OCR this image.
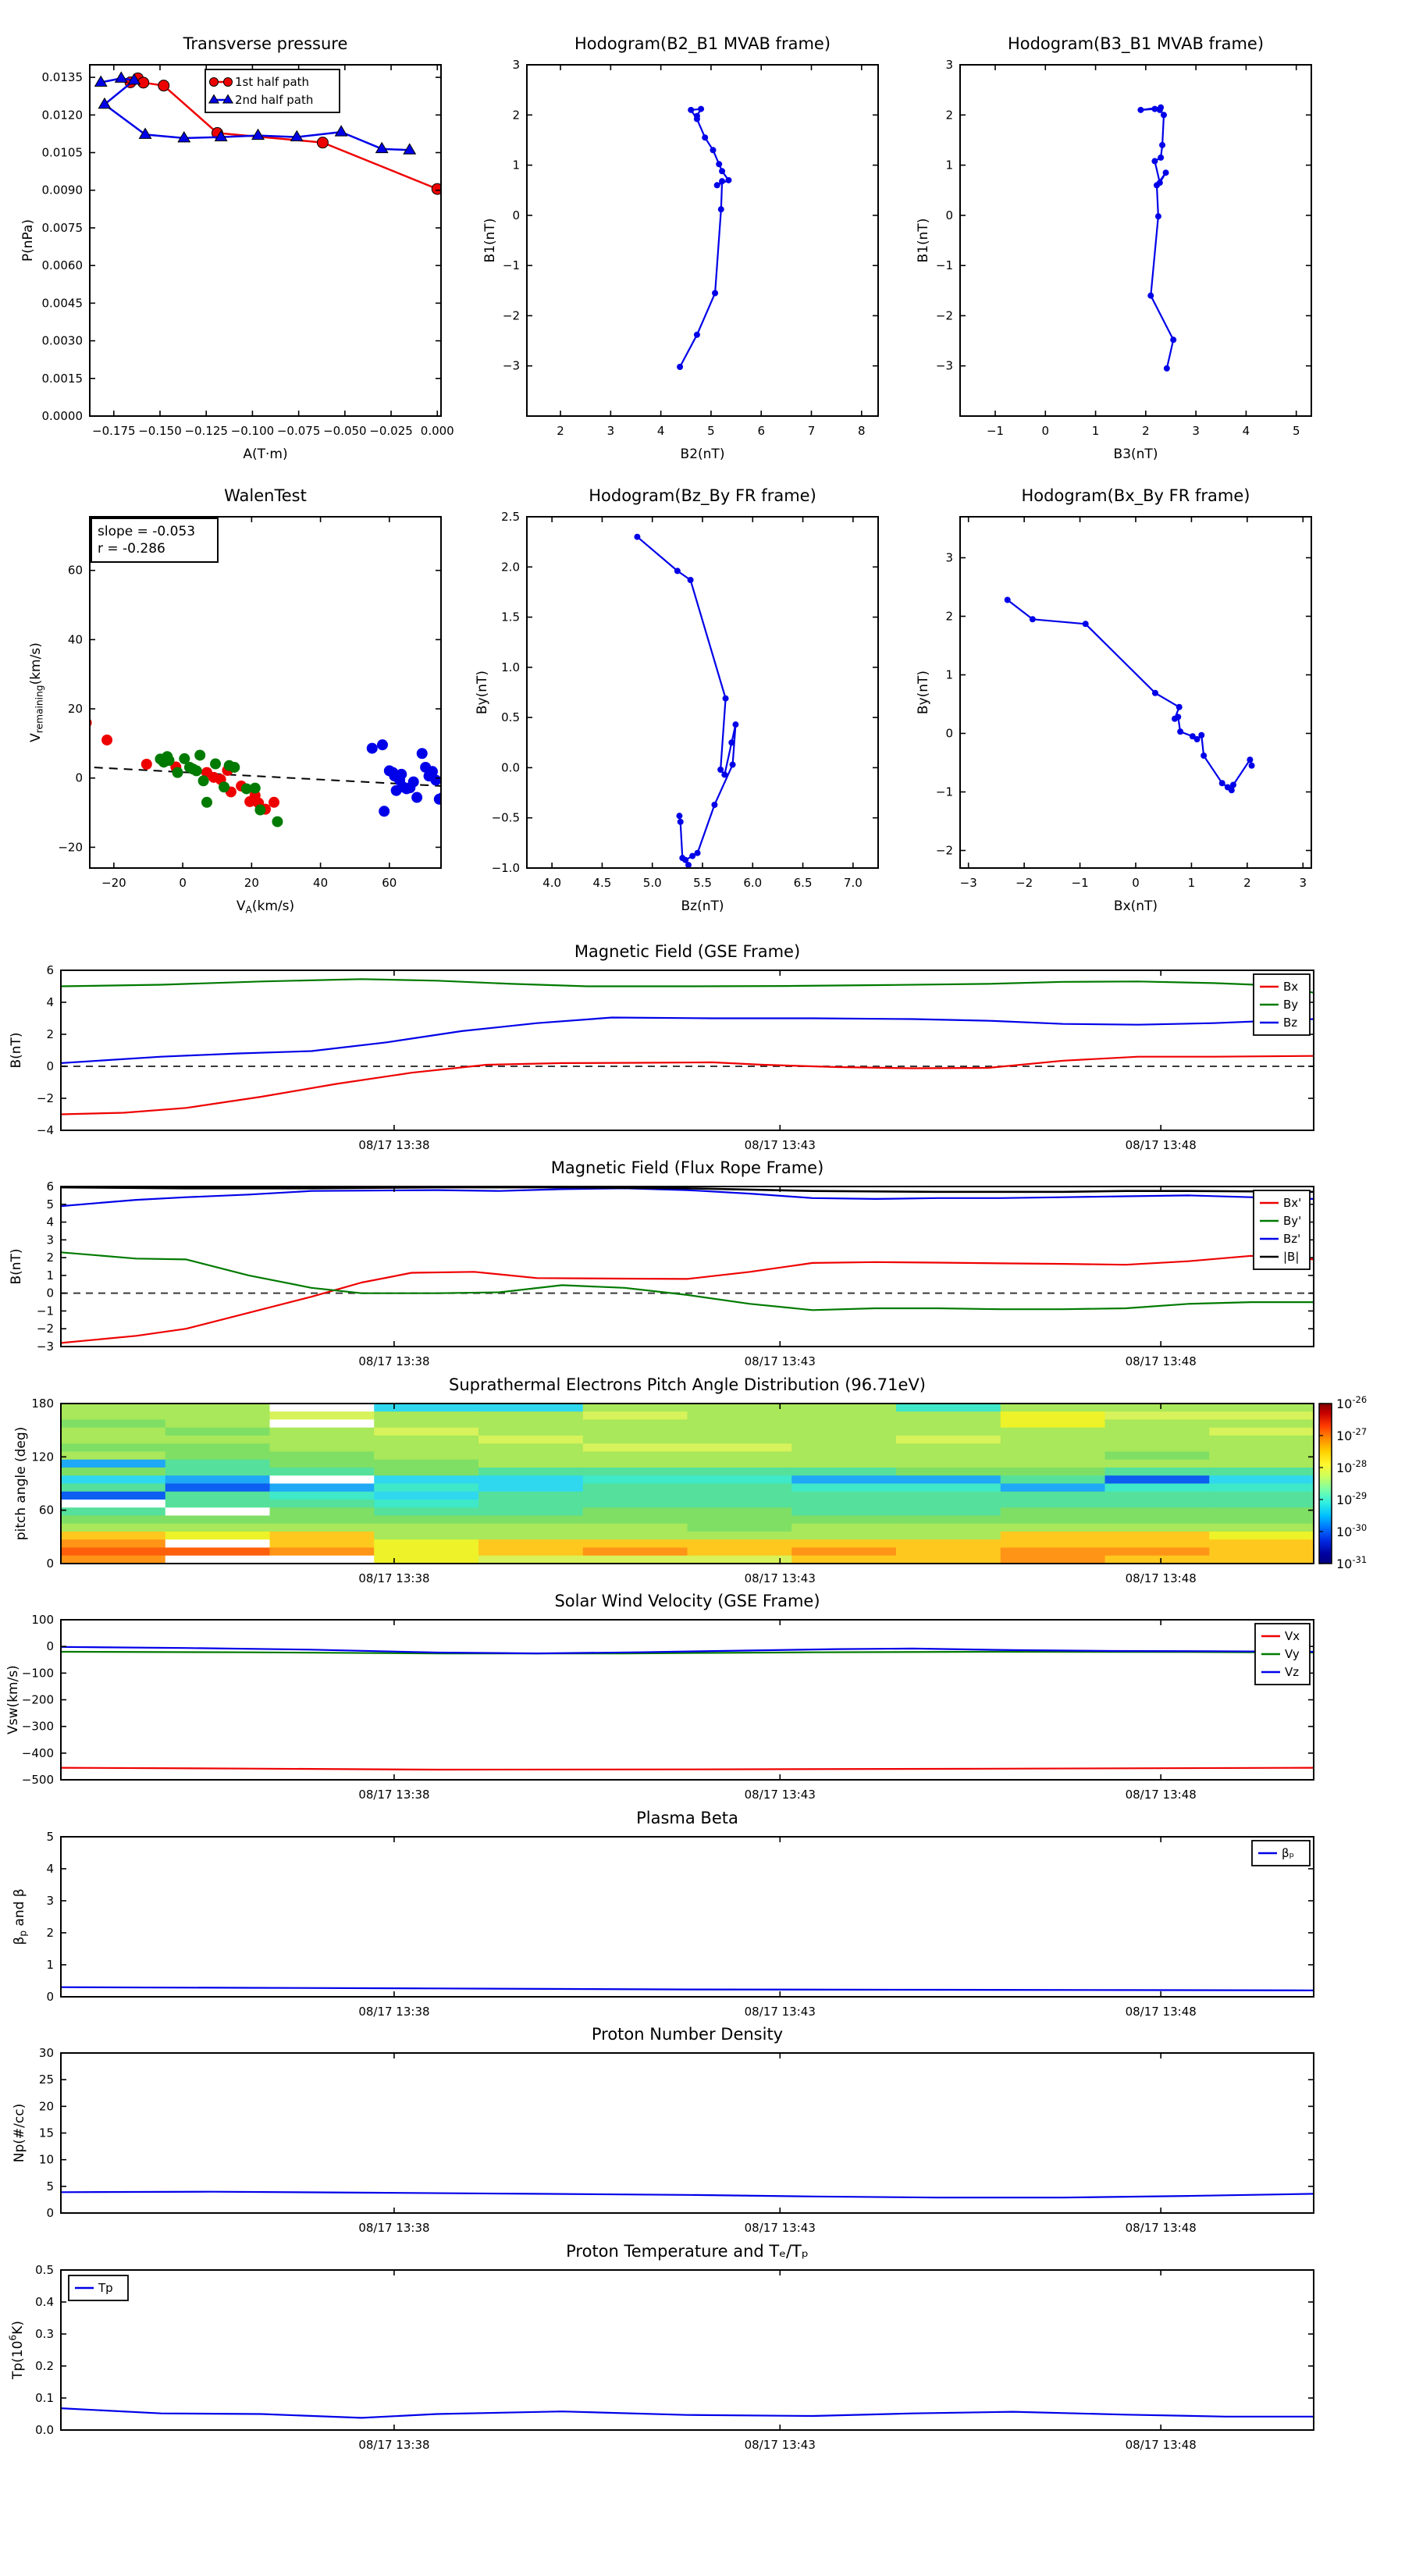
−0.175 −0.150 −0.125 −0.100 −0.075 −0.050 −0.025 0.000
0.0000
0.0015
0.0030
0.0045
0.0060
0.0075
0.0090
0.0105
0.0120
0.0135
P(nPa)
A(T·m)
1st half path
2nd half path
2	3	4	5	6	7	8
−3
−2
−1
0
1
2
3
B1(nT)
B2(nT)
−1	0	1	2	3	4	5
−3
−2
−1
0
1
2
3
B1(nT)
B3(nT)
−20	0	20	40	60
−20
0
20
40
60
$V_{remaining}(km/s)$
$V_A(km/s)$
slope = -0.053
r = -0.286
4.0	4.5	5.0	5.5	6.0	6.5	7.0
−1.0
−0.5
0.0
0.5
1.0
1.5
2.0
2.5
By(nT)
Bz(nT)
−3	−2	−1	0	1	2	3
−2
−1
0
1
2
3
By(nT)
Bx(nT)
08/17 13:38	08/17 13:43	08/17 13:48
−4
−2
0
2
4
6
B(nT)
Bx
By
Bz
08/17 13:38	08/17 13:43	08/17 13:48
−3
−2
−1
0
1
2
3
4
5
6
B(nT)
Bx'
By'
Bz'
|B|
08/17 13:38	08/17 13:43	08/17 13:48
0
60
120
180
pitch angle (deg)
$10^{-26}$
$10^{-27}$
$10^{-28}$
$10^{-29}$
$10^{-30}$
$10^{-31}$
08/17 13:38	08/17 13:43	08/17 13:48
100
0
−100
−200
−300
−400
−500
Vsw(km/s)
Vx
Vy
Vz
08/17 13:38	08/17 13:43	08/17 13:48
0
1
2
3
4
5
$\beta_p$ and β
βₚ
08/17 13:38	08/17 13:43	08/17 13:48
0
5
10
15
20
25
30
Np(#/cc)
08/17 13:38	08/17 13:43	08/17 13:48
0.0
0.1
0.2
0.3
0.4
0.5
$Tp(10^6K)$
Tp
Transverse pressure	Hodogram(B2_B1 MVAB frame)	Hodogram(B3_B1 MVAB frame)
WalenTest	Hodogram(Bz_By FR frame)	Hodogram(Bx_By FR frame)
Magnetic Field (GSE Frame)
Magnetic Field (Flux Rope Frame)
Suprathermal Electrons Pitch Angle Distribution (96.71eV)
Solar Wind Velocity (GSE Frame)
Plasma Beta
Proton Number Density
Proton Temperature and Tₑ/Tₚ
